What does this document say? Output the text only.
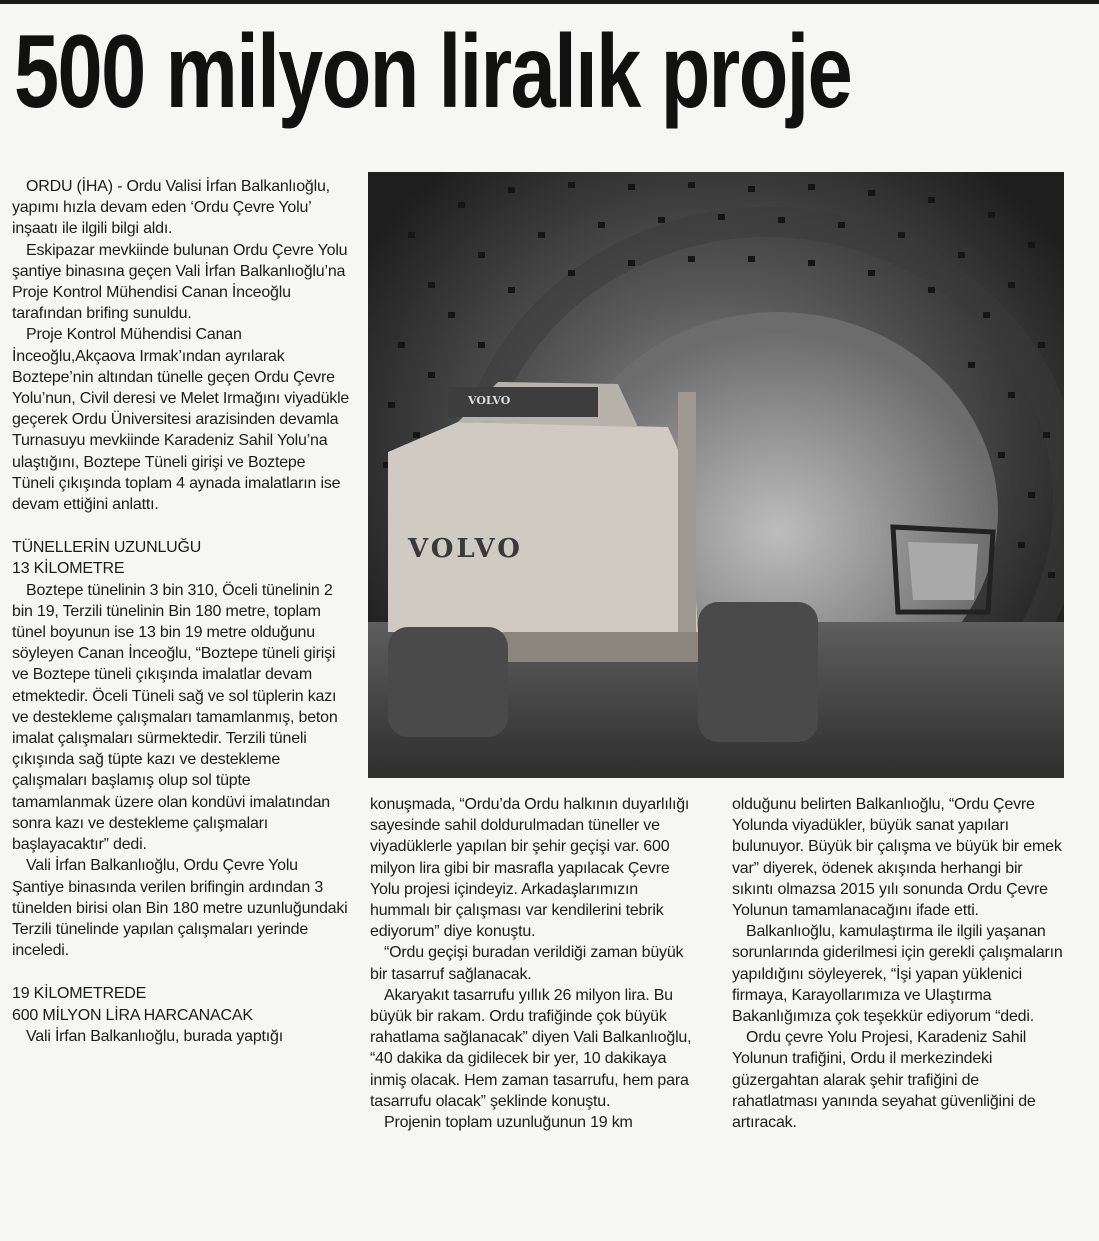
500 milyon liralık proje

ORDU (İHA) - Ordu Valisi İrfan Balkanlıoğlu, yapımı hızla devam eden ‘Ordu Çevre Yolu’ inşaatı ile ilgili bilgi aldı.

Eskipazar mevkiinde bulunan Ordu Çevre Yolu şantiye binasına geçen Vali İrfan Balkanlıoğlu’na Proje Kontrol Mühendisi Canan İnceoğlu tarafından brifing sunuldu.

Proje Kontrol Mühendisi Canan İnceoğlu,Akçaova Irmak’ından ayrılarak Boztepe’nin altından tünelle geçen Ordu Çevre Yolu’nun, Civil deresi ve Melet Irmağını viyadükle geçerek Ordu Üniversitesi arazisinden devamla Turnasuyu mevkiinde Karadeniz Sahil Yolu’na ulaştığını, Boztepe Tüneli girişi ve Boztepe Tüneli çıkışında toplam 4 aynada imalatların ise devam ettiğini anlattı.

TÜNELLERİN UZUNLUĞU
13 KİLOMETRE

Boztepe tünelinin 3 bin 310, Öceli tünelinin 2 bin 19, Terzili tünelinin Bin 180 metre, toplam tünel boyunun ise 13 bin 19 metre olduğunu söyleyen Canan İnceoğlu, “Boztepe tüneli girişi ve Boztepe tüneli çıkışında imalatlar devam etmektedir. Öceli Tüneli sağ ve sol tüplerin kazı ve destekleme çalışmaları tamamlanmış, beton imalat çalışmaları sürmektedir. Terzili tüneli çıkışında sağ tüpte kazı ve destekleme çalışmaları başlamış olup sol tüpte tamamlanmak üzere olan kondüvi imalatından sonra kazı ve destekleme çalışmaları başlayacaktır” dedi.

Vali İrfan Balkanlıoğlu, Ordu Çevre Yolu Şantiye binasında verilen brifingin ardından 3 tünelden birisi olan Bin 180 metre uzunluğundaki Terzili tünelinde yapılan çalışmaları yerinde inceledi.

19 KİLOMETREDE
600 MİLYON LİRA HARCANACAK

Vali İrfan Balkanlıoğlu, burada yaptığı

VOLVO
VOLVO

konuşmada, “Ordu’da Ordu halkının duyarlılığı sayesinde sahil doldurulmadan tüneller ve viyadüklerle yapılan bir şehir geçişi var. 600 milyon lira gibi bir masrafla yapılacak Çevre Yolu projesi içindeyiz. Arkadaşlarımızın hummalı bir çalışması var kendilerini tebrik ediyorum” diye konuştu.

“Ordu geçişi buradan verildiği zaman büyük bir tasarruf sağlanacak.

Akaryakıt tasarrufu yıllık 26 milyon lira. Bu büyük bir rakam. Ordu trafiğinde çok büyük rahatlama sağlanacak” diyen Vali Balkanlıoğlu, “40 dakika da gidilecek bir yer, 10 dakikaya inmiş olacak. Hem zaman tasarrufu, hem para tasarrufu olacak” şeklinde konuştu.

Projenin toplam uzunluğunun 19 km

olduğunu belirten Balkanlıoğlu, “Ordu Çevre Yolunda viyadükler, büyük sanat yapıları bulunuyor. Büyük bir çalışma ve büyük bir emek var” diyerek, ödenek akışında herhangi bir sıkıntı olmazsa 2015 yılı sonunda Ordu Çevre Yolunun tamamlanacağını ifade etti.

Balkanlıoğlu, kamulaştırma ile ilgili yaşanan sorunlarında giderilmesi için gerekli çalışmaların yapıldığını söyleyerek, “İşi yapan yüklenici firmaya, Karayollarımıza ve Ulaştırma Bakanlığımıza çok teşekkür ediyorum “dedi.

Ordu çevre Yolu Projesi, Karadeniz Sahil Yolunun trafiğini, Ordu il merkezindeki güzergahtan alarak şehir trafiğini de rahatlatması yanında seyahat güvenliğini de artıracak.
